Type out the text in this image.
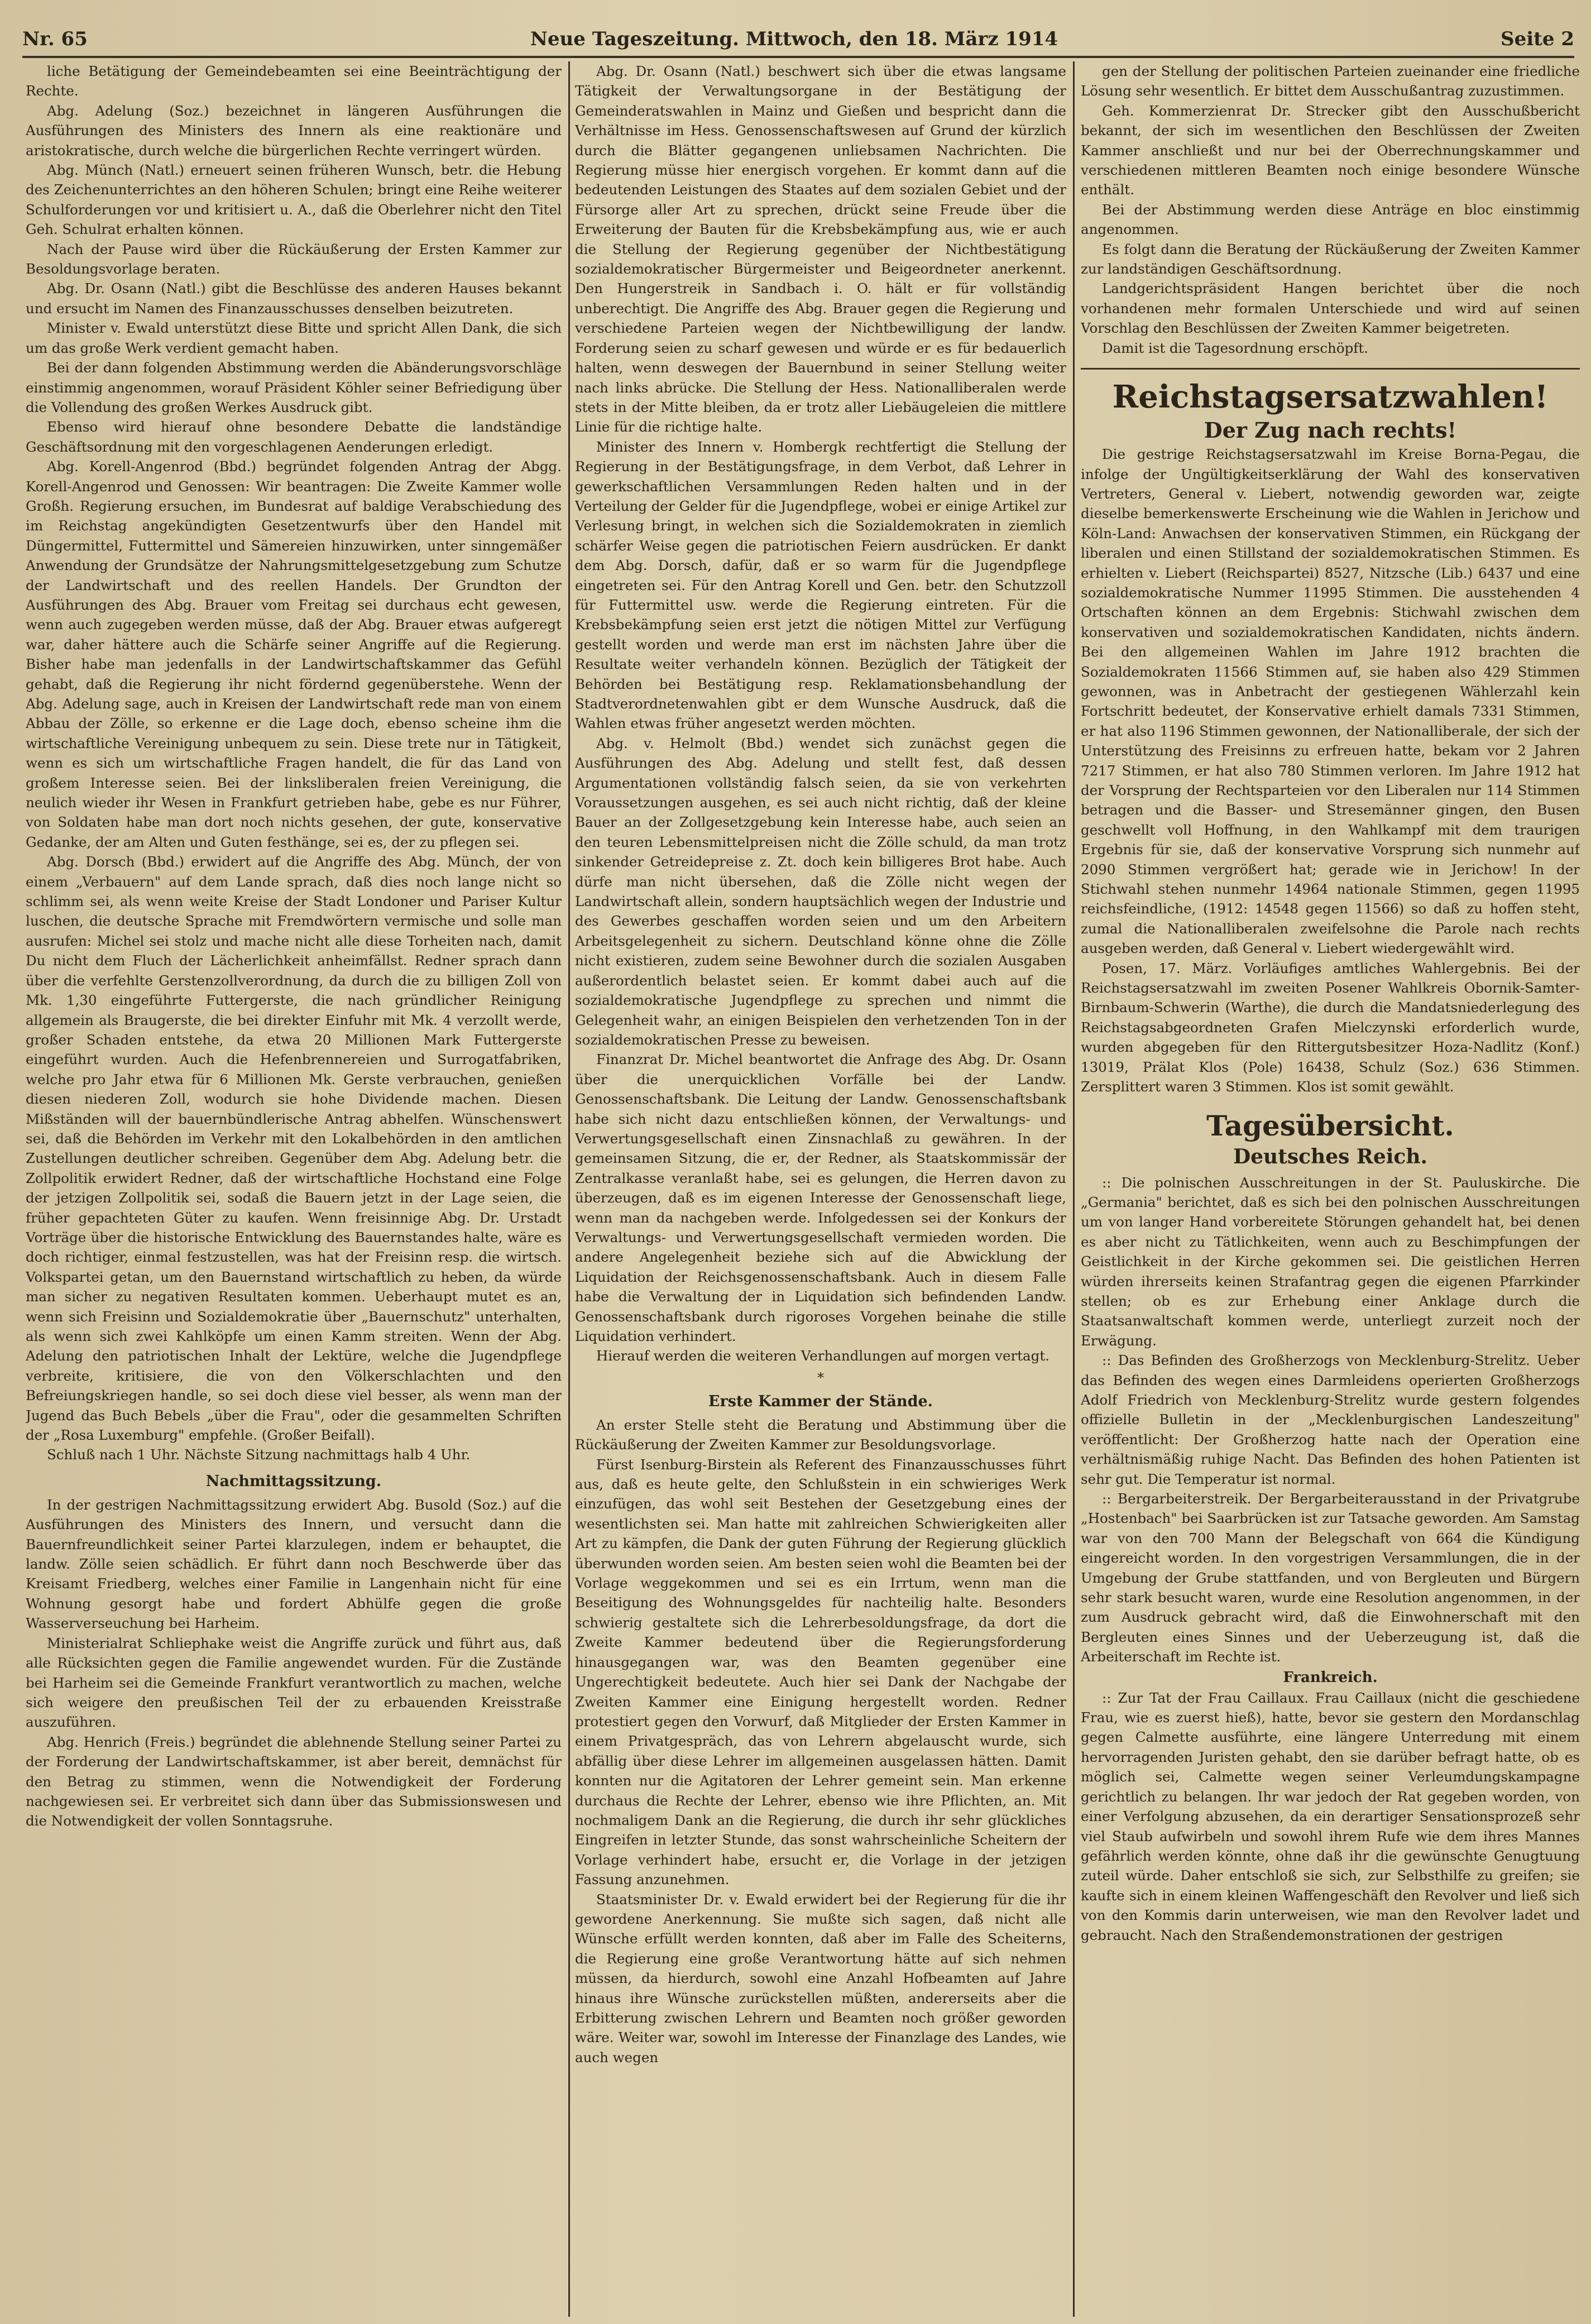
Nr. 65	Neue Tageszeitung. Mittwoch, den 18. März 1914	Seite 2

liche Betätigung der Gemeindebeamten sei eine Beeinträchtigung der Rechte.

Abg. Adelung (Soz.) bezeichnet in längeren Ausführungen die Ausführungen des Ministers des Innern als eine reaktionäre und aristokratische, durch welche die bürgerlichen Rechte verringert würden.

Abg. Münch (Natl.) erneuert seinen früheren Wunsch, betr. die Hebung des Zeichenunterrichtes an den höheren Schulen; bringt eine Reihe weiterer Schulforderungen vor und kritisiert u. A., daß die Oberlehrer nicht den Titel Geh. Schulrat erhalten können.

Nach der Pause wird über die Rückäußerung der Ersten Kammer zur Besoldungsvorlage beraten.

Abg. Dr. Osann (Natl.) gibt die Beschlüsse des anderen Hauses bekannt und ersucht im Namen des Finanzausschusses denselben beizutreten.

Minister v. Ewald unterstützt diese Bitte und spricht Allen Dank, die sich um das große Werk verdient gemacht haben.

Bei der dann folgenden Abstimmung werden die Abänderungsvorschläge einstimmig angenommen, worauf Präsident Köhler seiner Befriedigung über die Vollendung des großen Werkes Ausdruck gibt.

Ebenso wird hierauf ohne besondere Debatte die landständige Geschäftsordnung mit den vorgeschlagenen Aenderungen erledigt.

Abg. Korell-Angenrod (Bbd.) begründet folgenden Antrag der Abgg. Korell-Angenrod und Genossen: Wir beantragen: Die Zweite Kammer wolle Großh. Regierung ersuchen, im Bundesrat auf baldige Verabschiedung des im Reichstag angekündigten Gesetzentwurfs über den Handel mit Düngermittel, Futtermittel und Sämereien hinzuwirken, unter sinngemäßer Anwendung der Grundsätze der Nahrungsmittelgesetzgebung zum Schutze der Landwirtschaft und des reellen Handels. Der Grundton der Ausführungen des Abg. Brauer vom Freitag sei durchaus echt gewesen, wenn auch zugegeben werden müsse, daß der Abg. Brauer etwas aufgeregt war, daher hättere auch die Schärfe seiner Angriffe auf die Regierung. Bisher habe man jedenfalls in der Landwirtschaftskammer das Gefühl gehabt, daß die Regierung ihr nicht fördernd gegenüberstehe. Wenn der Abg. Adelung sage, auch in Kreisen der Landwirtschaft rede man von einem Abbau der Zölle, so erkenne er die Lage doch, ebenso scheine ihm die wirtschaftliche Vereinigung unbequem zu sein. Diese trete nur in Tätigkeit, wenn es sich um wirtschaftliche Fragen handelt, die für das Land von großem Interesse seien. Bei der linksliberalen freien Vereinigung, die neulich wieder ihr Wesen in Frankfurt getrieben habe, gebe es nur Führer, von Soldaten habe man dort noch nichts gesehen, der gute, konservative Gedanke, der am Alten und Guten festhänge, sei es, der zu pflegen sei.

Abg. Dorsch (Bbd.) erwidert auf die Angriffe des Abg. Münch, der von einem „Verbauern" auf dem Lande sprach, daß dies noch lange nicht so schlimm sei, als wenn weite Kreise der Stadt Londoner und Pariser Kultur luschen, die deutsche Sprache mit Fremdwörtern vermische und solle man ausrufen: Michel sei stolz und mache nicht alle diese Torheiten nach, damit Du nicht dem Fluch der Lächerlichkeit anheimfällst. Redner sprach dann über die verfehlte Gerstenzollverordnung, da durch die zu billigen Zoll von Mk. 1,30 eingeführte Futtergerste, die nach gründlicher Reinigung allgemein als Braugerste, die bei direkter Einfuhr mit Mk. 4 verzollt werde, großer Schaden entstehe, da etwa 20 Millionen Mark Futtergerste eingeführt wurden. Auch die Hefenbrennereien und Surrogatfabriken, welche pro Jahr etwa für 6 Millionen Mk. Gerste verbrauchen, genießen diesen niederen Zoll, wodurch sie hohe Dividende machen. Diesen Mißständen will der bauernbündlerische Antrag abhelfen. Wünschenswert sei, daß die Behörden im Verkehr mit den Lokalbehörden in den amtlichen Zustellungen deutlicher schreiben. Gegenüber dem Abg. Adelung betr. die Zollpolitik erwidert Redner, daß der wirtschaftliche Hochstand eine Folge der jetzigen Zollpolitik sei, sodaß die Bauern jetzt in der Lage seien, die früher gepachteten Güter zu kaufen. Wenn freisinnige Abg. Dr. Urstadt Vorträge über die historische Entwicklung des Bauernstandes halte, wäre es doch richtiger, einmal festzustellen, was hat der Freisinn resp. die wirtsch. Volkspartei getan, um den Bauernstand wirtschaftlich zu heben, da würde man sicher zu negativen Resultaten kommen. Ueberhaupt mutet es an, wenn sich Freisinn und Sozialdemokratie über „Bauernschutz" unterhalten, als wenn sich zwei Kahlköpfe um einen Kamm streiten. Wenn der Abg. Adelung den patriotischen Inhalt der Lektüre, welche die Jugendpflege verbreite, kritisiere, die von den Völkerschlachten und den Befreiungskriegen handle, so sei doch diese viel besser, als wenn man der Jugend das Buch Bebels „über die Frau", oder die gesammelten Schriften der „Rosa Luxemburg" empfehle. (Großer Beifall).

Schluß nach 1 Uhr. Nächste Sitzung nachmittags halb 4 Uhr.

Nachmittagssitzung.

In der gestrigen Nachmittagssitzung erwidert Abg. Busold (Soz.) auf die Ausführungen des Ministers des Innern, und versucht dann die Bauernfreundlichkeit seiner Partei klarzulegen, indem er behauptet, die landw. Zölle seien schädlich. Er führt dann noch Beschwerde über das Kreisamt Friedberg, welches einer Familie in Langenhain nicht für eine Wohnung gesorgt habe und fordert Abhülfe gegen die große Wasserverseuchung bei Harheim.

Ministerialrat Schliephake weist die Angriffe zurück und führt aus, daß alle Rücksichten gegen die Familie angewendet wurden. Für die Zustände bei Harheim sei die Gemeinde Frankfurt verantwortlich zu machen, welche sich weigere den preußischen Teil der zu erbauenden Kreisstraße auszuführen.

Abg. Henrich (Freis.) begründet die ablehnende Stellung seiner Partei zu der Forderung der Landwirtschaftskammer, ist aber bereit, demnächst für den Betrag zu stimmen, wenn die Notwendigkeit der Forderung nachgewiesen sei. Er verbreitet sich dann über das Submissionswesen und die Notwendigkeit der vollen Sonntagsruhe.

Abg. Dr. Osann (Natl.) beschwert sich über die etwas langsame Tätigkeit der Verwaltungsorgane in der Bestätigung der Gemeinderatswahlen in Mainz und Gießen und bespricht dann die Verhältnisse im Hess. Genossenschaftswesen auf Grund der kürzlich durch die Blätter gegangenen unliebsamen Nachrichten. Die Regierung müsse hier energisch vorgehen. Er kommt dann auf die bedeutenden Leistungen des Staates auf dem sozialen Gebiet und der Fürsorge aller Art zu sprechen, drückt seine Freude über die Erweiterung der Bauten für die Krebsbekämpfung aus, wie er auch die Stellung der Regierung gegenüber der Nichtbestätigung sozialdemokratischer Bürgermeister und Beigeordneter anerkennt. Den Hungerstreik in Sandbach i. O. hält er für vollständig unberechtigt. Die Angriffe des Abg. Brauer gegen die Regierung und verschiedene Parteien wegen der Nichtbewilligung der landw. Forderung seien zu scharf gewesen und würde er es für bedauerlich halten, wenn deswegen der Bauernbund in seiner Stellung weiter nach links abrücke. Die Stellung der Hess. Nationalliberalen werde stets in der Mitte bleiben, da er trotz aller Liebäugeleien die mittlere Linie für die richtige halte.

Minister des Innern v. Hombergk rechtfertigt die Stellung der Regierung in der Bestätigungsfrage, in dem Verbot, daß Lehrer in gewerkschaftlichen Versammlungen Reden halten und in der Verteilung der Gelder für die Jugendpflege, wobei er einige Artikel zur Verlesung bringt, in welchen sich die Sozialdemokraten in ziemlich schärfer Weise gegen die patriotischen Feiern ausdrücken. Er dankt dem Abg. Dorsch, dafür, daß er so warm für die Jugendpflege eingetreten sei. Für den Antrag Korell und Gen. betr. den Schutzzoll für Futtermittel usw. werde die Regierung eintreten. Für die Krebsbekämpfung seien erst jetzt die nötigen Mittel zur Verfügung gestellt worden und werde man erst im nächsten Jahre über die Resultate weiter verhandeln können. Bezüglich der Tätigkeit der Behörden bei Bestätigung resp. Reklamationsbehandlung der Stadtverordnetenwahlen gibt er dem Wunsche Ausdruck, daß die Wahlen etwas früher angesetzt werden möchten.

Abg. v. Helmolt (Bbd.) wendet sich zunächst gegen die Ausführungen des Abg. Adelung und stellt fest, daß dessen Argumentationen vollständig falsch seien, da sie von verkehrten Voraussetzungen ausgehen, es sei auch nicht richtig, daß der kleine Bauer an der Zollgesetzgebung kein Interesse habe, auch seien an den teuren Lebensmittelpreisen nicht die Zölle schuld, da man trotz sinkender Getreidepreise z. Zt. doch kein billigeres Brot habe. Auch dürfe man nicht übersehen, daß die Zölle nicht wegen der Landwirtschaft allein, sondern hauptsächlich wegen der Industrie und des Gewerbes geschaffen worden seien und um den Arbeitern Arbeitsgelegenheit zu sichern. Deutschland könne ohne die Zölle nicht existieren, zudem seine Bewohner durch die sozialen Ausgaben außerordentlich belastet seien. Er kommt dabei auch auf die sozialdemokratische Jugendpflege zu sprechen und nimmt die Gelegenheit wahr, an einigen Beispielen den verhetzenden Ton in der sozialdemokratischen Presse zu beweisen.

Finanzrat Dr. Michel beantwortet die Anfrage des Abg. Dr. Osann über die unerquicklichen Vorfälle bei der Landw. Genossenschaftsbank. Die Leitung der Landw. Genossenschaftsbank habe sich nicht dazu entschließen können, der Verwaltungs- und Verwertungsgesellschaft einen Zinsnachlaß zu gewähren. In der gemeinsamen Sitzung, die er, der Redner, als Staatskommissär der Zentralkasse veranlaßt habe, sei es gelungen, die Herren davon zu überzeugen, daß es im eigenen Interesse der Genossenschaft liege, wenn man da nachgeben werde. Infolgedessen sei der Konkurs der Verwaltungs- und Verwertungsgesellschaft vermieden worden. Die andere Angelegenheit beziehe sich auf die Abwicklung der Liquidation der Reichsgenossenschaftsbank. Auch in diesem Falle habe die Verwaltung der in Liquidation sich befindenden Landw. Genossenschaftsbank durch rigoroses Vorgehen beinahe die stille Liquidation verhindert.

Hierauf werden die weiteren Verhandlungen auf morgen vertagt.

*
Erste Kammer der Stände.

An erster Stelle steht die Beratung und Abstimmung über die Rückäußerung der Zweiten Kammer zur Besoldungsvorlage.

Fürst Isenburg-Birstein als Referent des Finanzausschusses führt aus, daß es heute gelte, den Schlußstein in ein schwieriges Werk einzufügen, das wohl seit Bestehen der Gesetzgebung eines der wesentlichsten sei. Man hatte mit zahlreichen Schwierigkeiten aller Art zu kämpfen, die Dank der guten Führung der Regierung glücklich überwunden worden seien. Am besten seien wohl die Beamten bei der Vorlage weggekommen und sei es ein Irrtum, wenn man die Beseitigung des Wohnungsgeldes für nachteilig halte. Besonders schwierig gestaltete sich die Lehrerbesoldungsfrage, da dort die Zweite Kammer bedeutend über die Regierungsforderung hinausgegangen war, was den Beamten gegenüber eine Ungerechtigkeit bedeutete. Auch hier sei Dank der Nachgabe der Zweiten Kammer eine Einigung hergestellt worden. Redner protestiert gegen den Vorwurf, daß Mitglieder der Ersten Kammer in einem Privatgespräch, das von Lehrern abgelauscht wurde, sich abfällig über diese Lehrer im allgemeinen ausgelassen hätten. Damit konnten nur die Agitatoren der Lehrer gemeint sein. Man erkenne durchaus die Rechte der Lehrer, ebenso wie ihre Pflichten, an. Mit nochmaligem Dank an die Regierung, die durch ihr sehr glückliches Eingreifen in letzter Stunde, das sonst wahrscheinliche Scheitern der Vorlage verhindert habe, ersucht er, die Vorlage in der jetzigen Fassung anzunehmen.

Staatsminister Dr. v. Ewald erwidert bei der Regierung für die ihr gewordene Anerkennung. Sie mußte sich sagen, daß nicht alle Wünsche erfüllt werden konnten, daß aber im Falle des Scheiterns, die Regierung eine große Verantwortung hätte auf sich nehmen müssen, da hierdurch, sowohl eine Anzahl Hofbeamten auf Jahre hinaus ihre Wünsche zurückstellen müßten, andererseits aber die Erbitterung zwischen Lehrern und Beamten noch größer geworden wäre. Weiter war, sowohl im Interesse der Finanzlage des Landes, wie auch wegen

gen der Stellung der politischen Parteien zueinander eine friedliche Lösung sehr wesentlich. Er bittet dem Ausschußantrag zuzustimmen.

Geh. Kommerzienrat Dr. Strecker gibt den Ausschußbericht bekannt, der sich im wesentlichen den Beschlüssen der Zweiten Kammer anschließt und nur bei der Oberrechnungskammer und verschiedenen mittleren Beamten noch einige besondere Wünsche enthält.

Bei der Abstimmung werden diese Anträge en bloc einstimmig angenommen.

Es folgt dann die Beratung der Rückäußerung der Zweiten Kammer zur landständigen Geschäftsordnung.

Landgerichtspräsident Hangen berichtet über die noch vorhandenen mehr formalen Unterschiede und wird auf seinen Vorschlag den Beschlüssen der Zweiten Kammer beigetreten.

Damit ist die Tagesordnung erschöpft.

Reichstagsersatzwahlen!
Der Zug nach rechts!

Die gestrige Reichstagsersatzwahl im Kreise Borna-Pegau, die infolge der Ungültigkeitserklärung der Wahl des konservativen Vertreters, General v. Liebert, notwendig geworden war, zeigte dieselbe bemerkenswerte Erscheinung wie die Wahlen in Jerichow und Köln-Land: Anwachsen der konservativen Stimmen, ein Rückgang der liberalen und einen Stillstand der sozialdemokratischen Stimmen. Es erhielten v. Liebert (Reichspartei) 8527, Nitzsche (Lib.) 6437 und eine sozialdemokratische Nummer 11995 Stimmen. Die ausstehenden 4 Ortschaften können an dem Ergebnis: Stichwahl zwischen dem konservativen und sozialdemokratischen Kandidaten, nichts ändern. Bei den allgemeinen Wahlen im Jahre 1912 brachten die Sozialdemokraten 11566 Stimmen auf, sie haben also 429 Stimmen gewonnen, was in Anbetracht der gestiegenen Wählerzahl kein Fortschritt bedeutet, der Konservative erhielt damals 7331 Stimmen, er hat also 1196 Stimmen gewonnen, der Nationalliberale, der sich der Unterstützung des Freisinns zu erfreuen hatte, bekam vor 2 Jahren 7217 Stimmen, er hat also 780 Stimmen verloren. Im Jahre 1912 hat der Vorsprung der Rechtsparteien vor den Liberalen nur 114 Stimmen betragen und die Basser- und Stresemänner gingen, den Busen geschwellt voll Hoffnung, in den Wahlkampf mit dem traurigen Ergebnis für sie, daß der konservative Vorsprung sich nunmehr auf 2090 Stimmen vergrößert hat; gerade wie in Jerichow! In der Stichwahl stehen nunmehr 14964 nationale Stimmen, gegen 11995 reichsfeindliche, (1912: 14548 gegen 11566) so daß zu hoffen steht, zumal die Nationalliberalen zweifelsohne die Parole nach rechts ausgeben werden, daß General v. Liebert wiedergewählt wird.

Posen, 17. März. Vorläufiges amtliches Wahlergebnis. Bei der Reichstagsersatzwahl im zweiten Posener Wahlkreis Obornik-Samter-Birnbaum-Schwerin (Warthe), die durch die Mandatsniederlegung des Reichstagsabgeordneten Grafen Mielczynski erforderlich wurde, wurden abgegeben für den Rittergutsbesitzer Hoza-Nadlitz (Konf.) 13019, Prälat Klos (Pole) 16438, Schulz (Soz.) 636 Stimmen. Zersplittert waren 3 Stimmen. Klos ist somit gewählt.

Tagesübersicht.
Deutsches Reich.

:: Die polnischen Ausschreitungen in der St. Pauluskirche. Die „Germania" berichtet, daß es sich bei den polnischen Ausschreitungen um von langer Hand vorbereitete Störungen gehandelt hat, bei denen es aber nicht zu Tätlichkeiten, wenn auch zu Beschimpfungen der Geistlichkeit in der Kirche gekommen sei. Die geistlichen Herren würden ihrerseits keinen Strafantrag gegen die eigenen Pfarrkinder stellen; ob es zur Erhebung einer Anklage durch die Staatsanwaltschaft kommen werde, unterliegt zurzeit noch der Erwägung.

:: Das Befinden des Großherzogs von Mecklenburg-Strelitz. Ueber das Befinden des wegen eines Darmleidens operierten Großherzogs Adolf Friedrich von Mecklenburg-Strelitz wurde gestern folgendes offizielle Bulletin in der „Mecklenburgischen Landeszeitung" veröffentlicht: Der Großherzog hatte nach der Operation eine verhältnismäßig ruhige Nacht. Das Befinden des hohen Patienten ist sehr gut. Die Temperatur ist normal.

:: Bergarbeiterstreik. Der Bergarbeiterausstand in der Privatgrube „Hostenbach" bei Saarbrücken ist zur Tatsache geworden. Am Samstag war von den 700 Mann der Belegschaft von 664 die Kündigung eingereicht worden. In den vorgestrigen Versammlungen, die in der Umgebung der Grube stattfanden, und von Bergleuten und Bürgern sehr stark besucht waren, wurde eine Resolution angenommen, in der zum Ausdruck gebracht wird, daß die Einwohnerschaft mit den Bergleuten eines Sinnes und der Ueberzeugung ist, daß die Arbeiterschaft im Rechte ist.

Frankreich.

:: Zur Tat der Frau Caillaux. Frau Caillaux (nicht die geschiedene Frau, wie es zuerst hieß), hatte, bevor sie gestern den Mordanschlag gegen Calmette ausführte, eine längere Unterredung mit einem hervorragenden Juristen gehabt, den sie darüber befragt hatte, ob es möglich sei, Calmette wegen seiner Verleumdungskampagne gerichtlich zu belangen. Ihr war jedoch der Rat gegeben worden, von einer Verfolgung abzusehen, da ein derartiger Sensationsprozeß sehr viel Staub aufwirbeln und sowohl ihrem Rufe wie dem ihres Mannes gefährlich werden könnte, ohne daß ihr die gewünschte Genugtuung zuteil würde. Daher entschloß sie sich, zur Selbsthilfe zu greifen; sie kaufte sich in einem kleinen Waffengeschäft den Revolver und ließ sich von den Kommis darin unterweisen, wie man den Revolver ladet und gebraucht. Nach den Straßendemonstrationen der gestrigen
